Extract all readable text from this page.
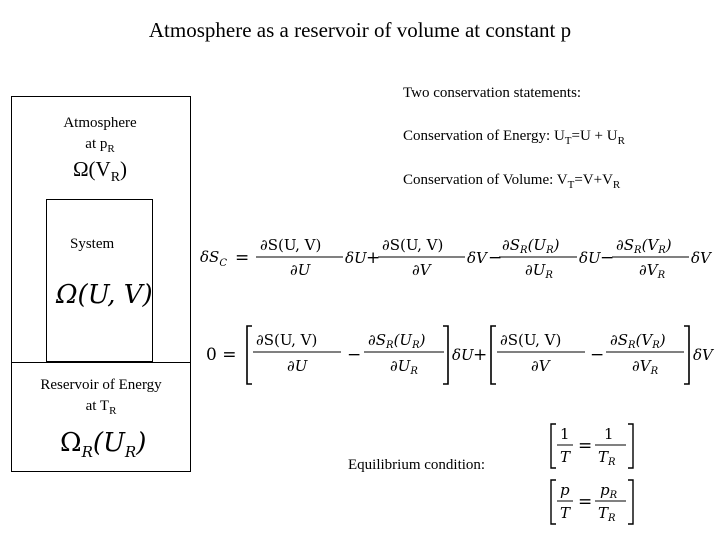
Atmosphere as a reservoir of volume at constant p
Atmosphere
at $p_R$
$\Omega(V_R)$
System
Ω(U, V)
Reservoir of Energy
at $T_R$
$\Omega_R(U_R)$
Two conservation statements:
Conservation of Energy: $U_T=U + U_R$
Conservation of Volume: $V_T=V+V_R$
Equilibrium condition:
$\delta S_C$ =
∂S(U, V)
∂U
δU +
∂S(U, V)
∂V
δV −
$\partial S_R(U_R)$
$\partial U_R$
δU −
$\partial S_R(V_R)$
$\partial V_R$
δV
0 =
∂S(U, V)
∂U
−
$\partial S_R(U_R)$
$\partial U_R$
δU +
∂S(U, V)
∂V
−
$\partial S_R(V_R)$
$\partial V_R$
δV
1
T
=
1
$T_R$
p
T
=
$p_R$
$T_R$
